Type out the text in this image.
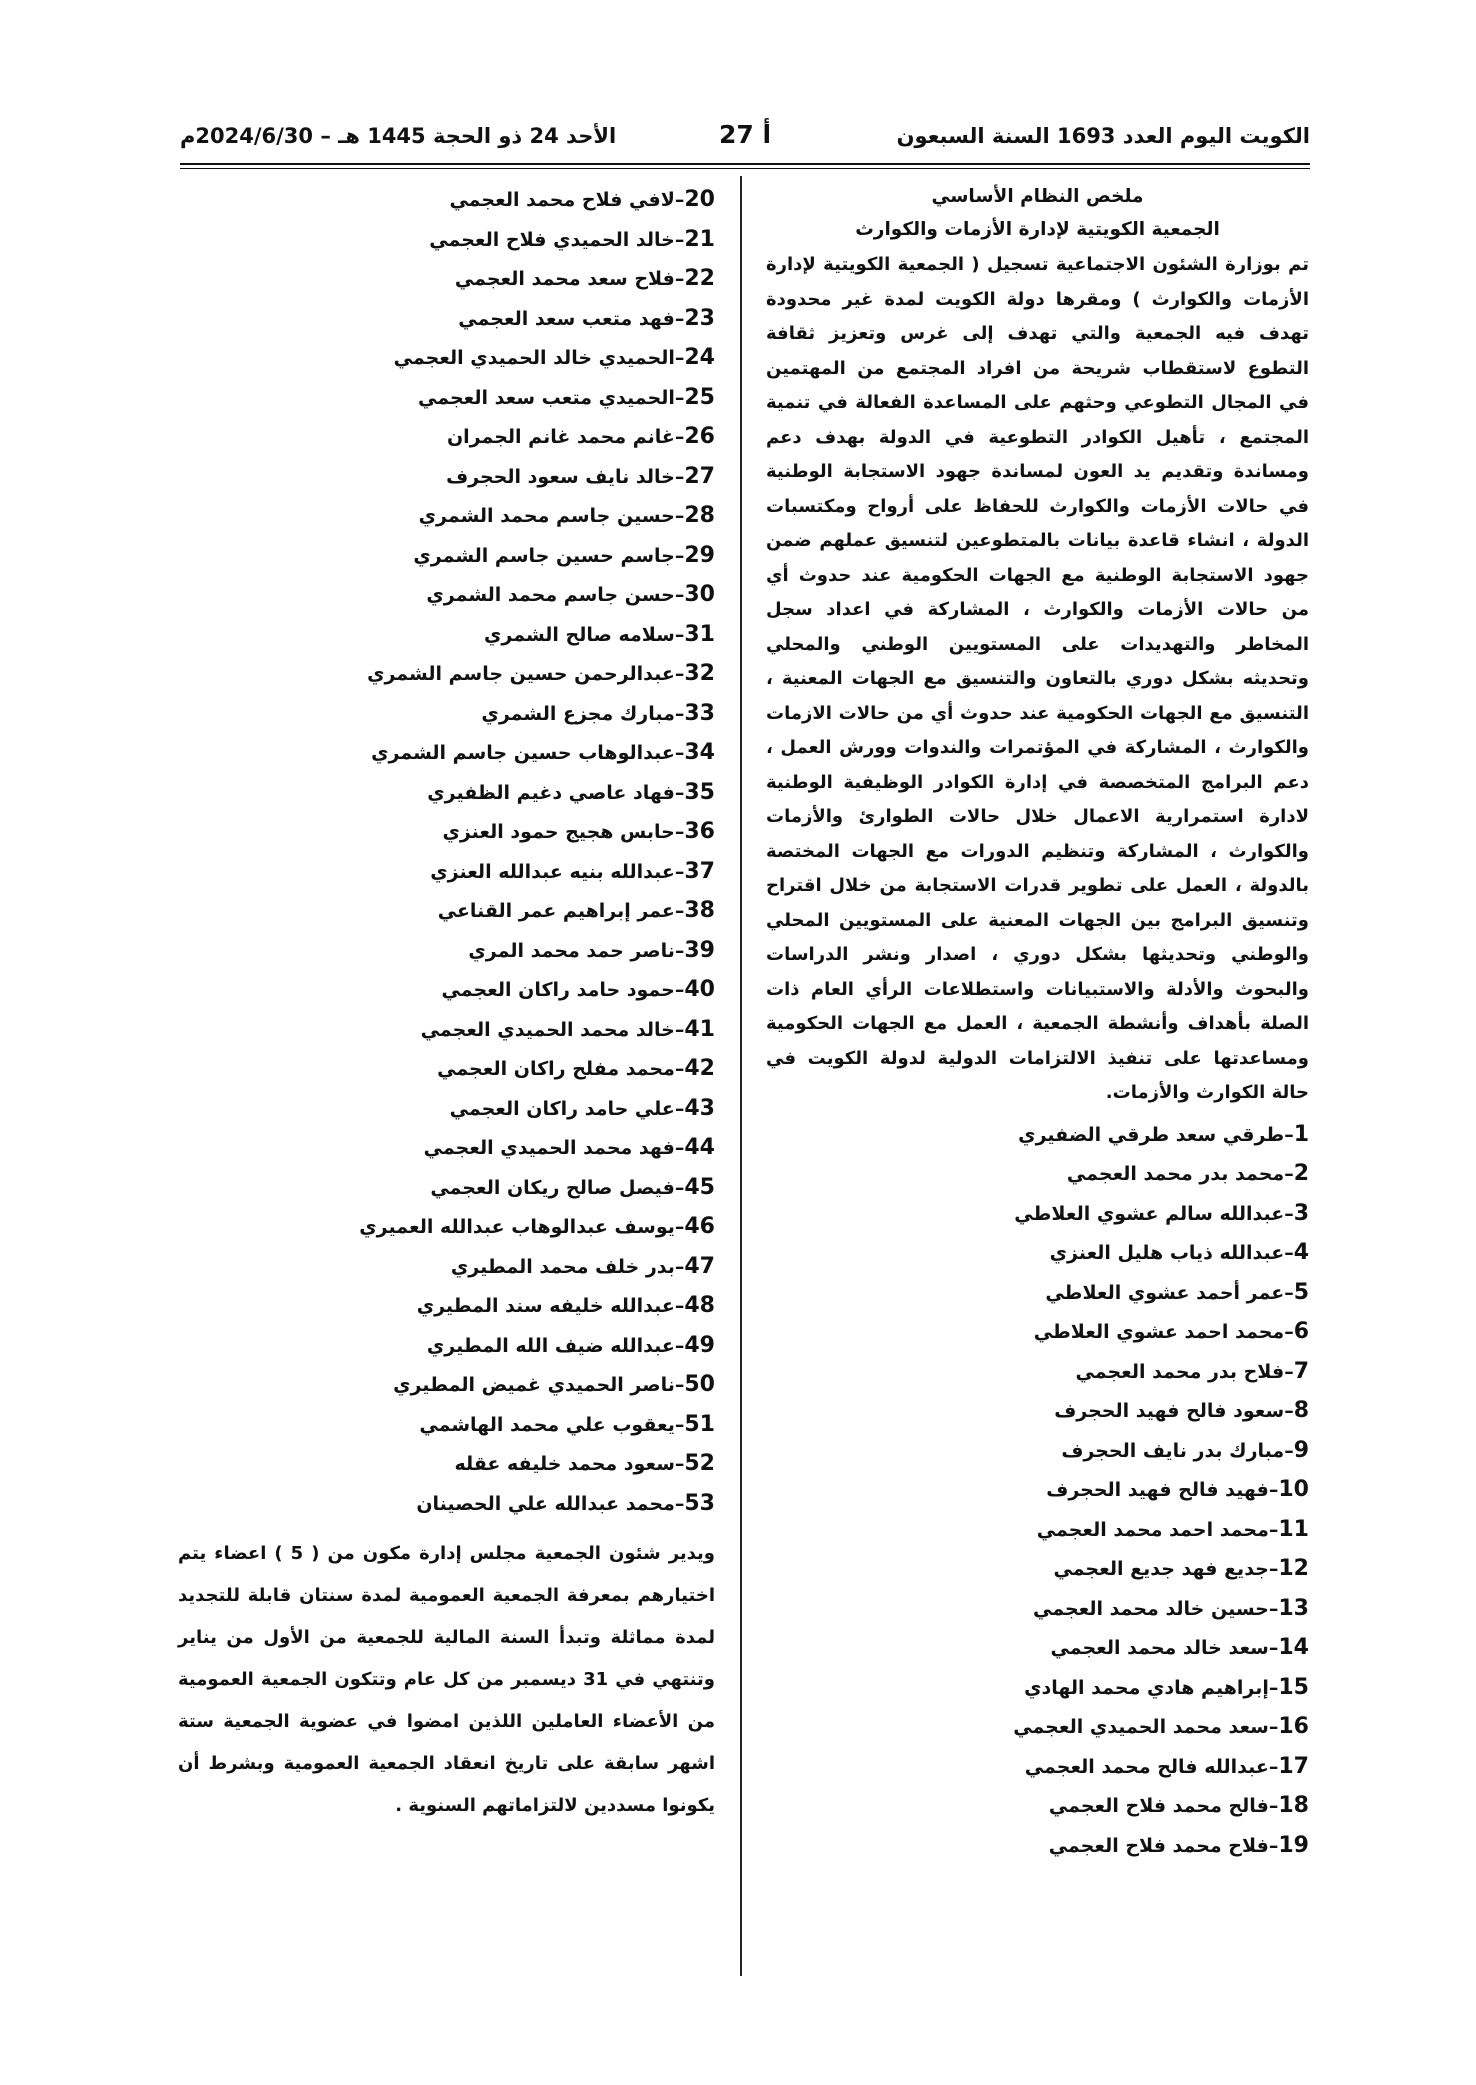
الكويت اليوم العدد 1693 السنة السبعون
أ 27
الأحد 24 ذو الحجة 1445 هـ – 2024/6/30م
ملخص النظام الأساسي
الجمعية الكويتية لإدارة الأزمات والكوارث

تم بوزارة الشئون الاجتماعية تسجيل ( الجمعية الكويتية لإدارة الأزمات والكوارث ) ومقرها دولة الكويت لمدة غير محدودة تهدف فيه الجمعية والتي تهدف إلى غرس وتعزيز ثقافة التطوع لاستقطاب شريحة من افراد المجتمع من المهتمين في المجال التطوعي وحثهم على المساعدة الفعالة في تنمية المجتمع ، تأهيل الكوادر التطوعية في الدولة بهدف دعم ومساندة وتقديم يد العون لمساندة جهود الاستجابة الوطنية في حالات الأزمات والكوارث للحفاظ على أرواح ومكتسبات الدولة ، انشاء قاعدة بيانات بالمتطوعين لتنسيق عملهم ضمن جهود الاستجابة الوطنية مع الجهات الحكومية عند حدوث أي من حالات الأزمات والكوارث ، المشاركة في اعداد سجل المخاطر والتهديدات على المستويين الوطني والمحلي وتحديثه بشكل دوري بالتعاون والتنسيق مع الجهات المعنية ، التنسيق مع الجهات الحكومية عند حدوث أي من حالات الازمات والكوارث ، المشاركة في المؤتمرات والندوات وورش العمل ، دعم البرامج المتخصصة في إدارة الكوادر الوظيفية الوطنية لادارة استمرارية الاعمال خلال حالات الطوارئ والأزمات والكوارث ، المشاركة وتنظيم الدورات مع الجهات المختصة بالدولة ، العمل على تطوير قدرات الاستجابة من خلال اقتراح وتنسيق البرامج بين الجهات المعنية على المستويين المحلي والوطني وتحديثها بشكل دوري ، اصدار ونشر الدراسات والبحوث والأدلة والاستبيانات واستطلاعات الرأي العام ذات الصلة بأهداف وأنشطة الجمعية ، العمل مع الجهات الحكومية ومساعدتها على تنفيذ الالتزامات الدولية لدولة الكويت في حالة الكوارث والأزمات.

1–طرقي سعد طرقي الضفيري
2–محمد بدر محمد العجمي
3–عبدالله سالم عشوي العلاطي
4–عبدالله ذياب هليل العنزي
5–عمر أحمد عشوي العلاطي
6–محمد احمد عشوي العلاطي
7–فلاح بدر محمد العجمي
8–سعود فالح فهيد الحجرف
9–مبارك بدر نايف الحجرف
10–فهيد فالح فهيد الحجرف
11–محمد احمد محمد العجمي
12–جديع فهد جديع العجمي
13–حسين خالد محمد العجمي
14–سعد خالد محمد العجمي
15–إبراهيم هادي محمد الهادي
16–سعد محمد الحميدي العجمي
17–عبدالله فالح محمد العجمي
18–فالح محمد فلاح العجمي
19–فلاح محمد فلاح العجمي
20–لافي فلاح محمد العجمي
21–خالد الحميدي فلاح العجمي
22–فلاح سعد محمد العجمي
23–فهد متعب سعد العجمي
24–الحميدي خالد الحميدي العجمي
25–الحميدي متعب سعد العجمي
26–غانم محمد غانم الجمران
27–خالد نايف سعود الحجرف
28–حسين جاسم محمد الشمري
29–جاسم حسين جاسم الشمري
30–حسن جاسم محمد الشمري
31–سلامه صالح الشمري
32–عبدالرحمن حسين جاسم الشمري
33–مبارك مجزع الشمري
34–عبدالوهاب حسين جاسم الشمري
35–فهاد عاصي دغيم الظفيري
36–حابس هجيج حمود العنزي
37–عبدالله بنيه عبدالله العنزي
38–عمر إبراهيم عمر القناعي
39–ناصر حمد محمد المري
40–حمود حامد راكان العجمي
41–خالد محمد الحميدي العجمي
42–محمد مفلح راكان العجمي
43–علي حامد راكان العجمي
44–فهد محمد الحميدي العجمي
45–فيصل صالح ريكان العجمي
46–يوسف عبدالوهاب عبدالله العميري
47–بدر خلف محمد المطيري
48–عبدالله خليفه سند المطيري
49–عبدالله ضيف الله المطيري
50–ناصر الحميدي غميض المطيري
51–يعقوب علي محمد الهاشمي
52–سعود محمد خليفه عقله
53–محمد عبدالله علي الحصينان

ويدير شئون الجمعية مجلس إدارة مكون من ( 5 ) اعضاء يتم اختيارهم بمعرفة الجمعية العمومية لمدة سنتان قابلة للتجديد لمدة مماثلة وتبدأ السنة المالية للجمعية من الأول من يناير وتنتهي في 31 ديسمبر من كل عام وتتكون الجمعية العمومية من الأعضاء العاملين اللذين امضوا في عضوية الجمعية ستة اشهر سابقة على تاريخ انعقاد الجمعية العمومية وبشرط أن يكونوا مسددين لالتزاماتهم السنوية .
